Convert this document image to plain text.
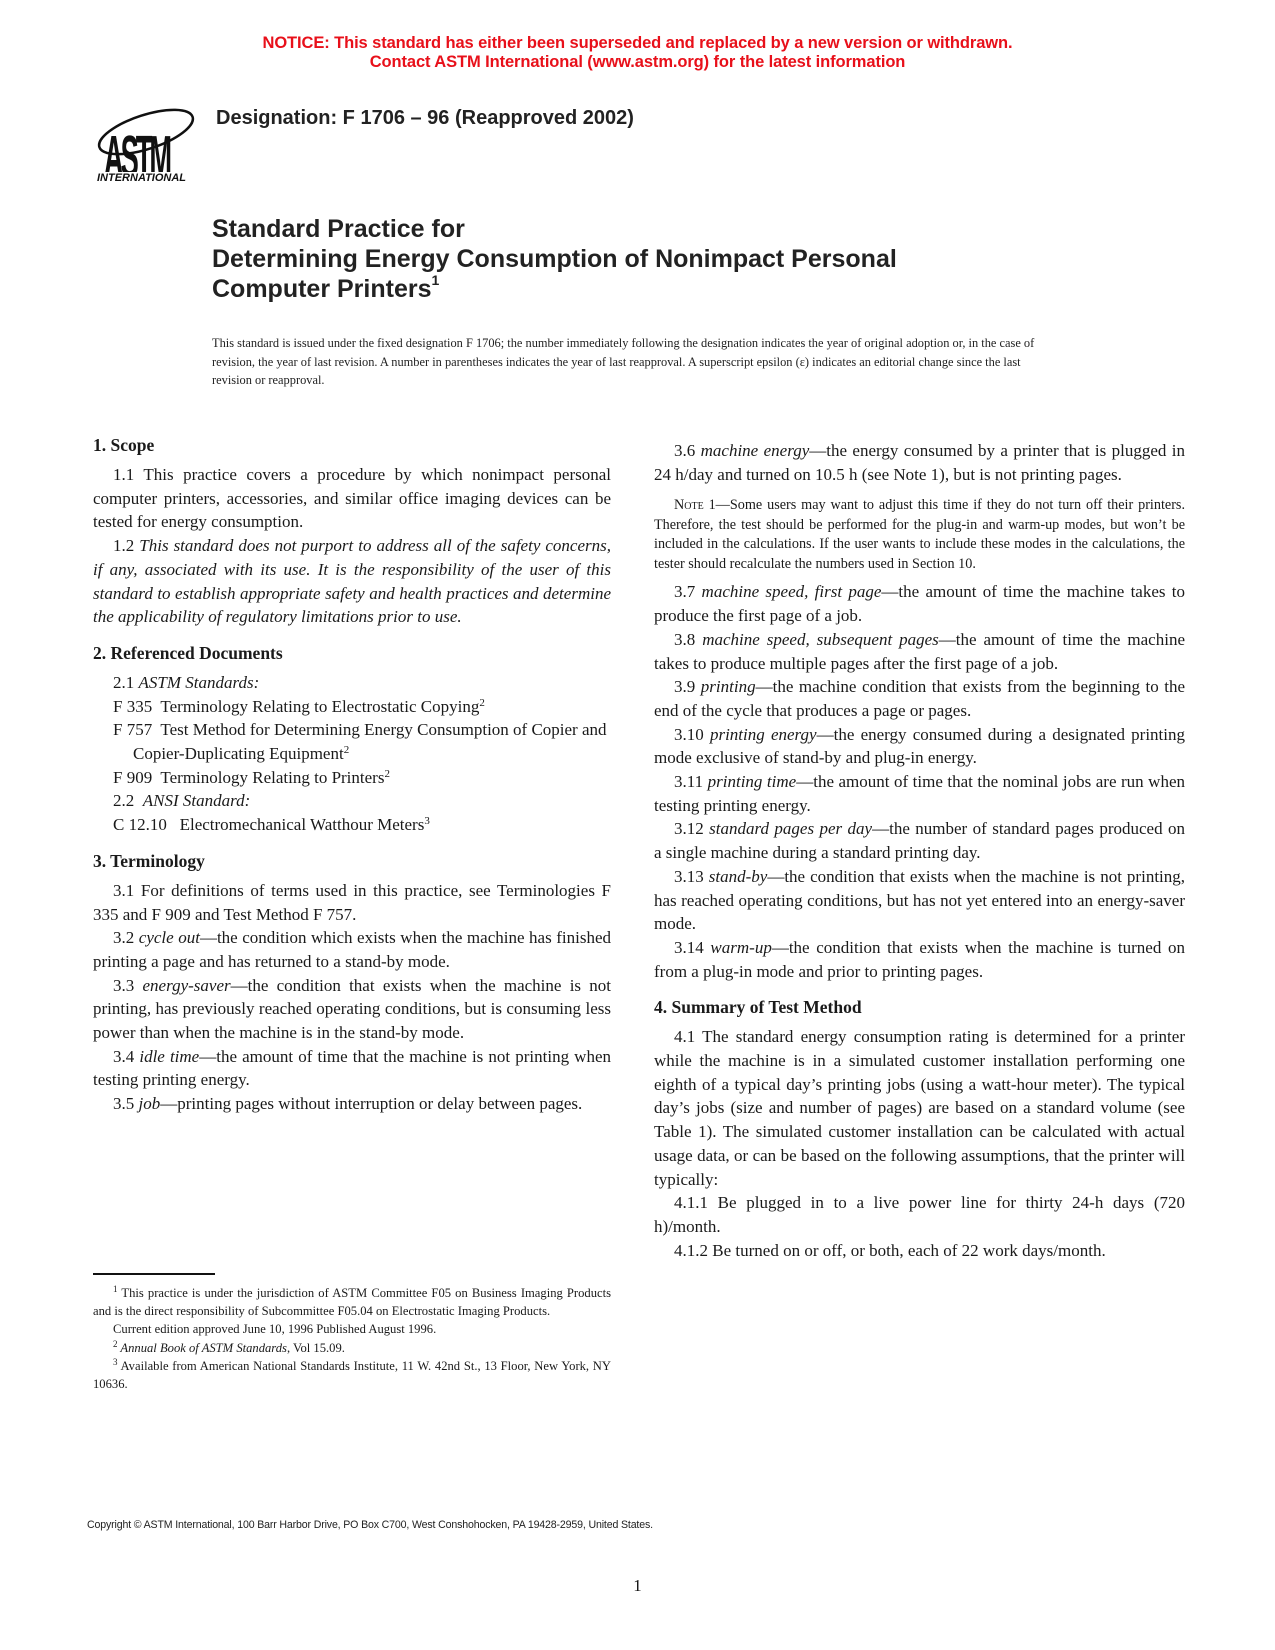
NOTICE: This standard has either been superseded and replaced by a new version or withdrawn.
Contact ASTM International (www.astm.org) for the latest information
ASTM
INTERNATIONAL
Designation: F 1706 – 96 (Reapproved 2002)
Standard Practice for
Determining Energy Consumption of Nonimpact Personal
Computer Printers$^1$
This standard is issued under the fixed designation F 1706; the number immediately following the designation indicates the year of original adoption or, in the case of revision, the year of last revision. A number in parentheses indicates the year of last reapproval. A superscript epsilon (ε) indicates an editorial change since the last revision or reapproval.
1. Scope

1.1 This practice covers a procedure by which nonimpact personal computer printers, accessories, and similar office imaging devices can be tested for energy consumption.

1.2 This standard does not purport to address all of the safety concerns, if any, associated with its use. It is the responsibility of the user of this standard to establish appropriate safety and health practices and determine the applicability of regulatory limitations prior to use.

2. Referenced Documents

2.1 ASTM Standards:

F 335 Terminology Relating to Electrostatic Copying$^2$

F 757 Test Method for Determining Energy Consumption of Copier and Copier-Duplicating Equipment$^2$

F 909 Terminology Relating to Printers$^2$

2.2  ANSI Standard:

C 12.10 Electromechanical Watthour Meters$^3$

3. Terminology

3.1 For definitions of terms used in this practice, see Terminologies F 335 and F 909 and Test Method F 757.

3.2 cycle out—the condition which exists when the machine has finished printing a page and has returned to a stand-by mode.

3.3 energy-saver—the condition that exists when the machine is not printing, has previously reached operating conditions, but is consuming less power than when the machine is in the stand-by mode.

3.4 idle time—the amount of time that the machine is not printing when testing printing energy.

3.5 job—printing pages without interruption or delay between pages.

$^1$ This practice is under the jurisdiction of ASTM Committee F05 on Business Imaging Products and is the direct responsibility of Subcommittee F05.04 on Electrostatic Imaging Products.

Current edition approved June 10, 1996 Published August 1996.

$^2$ Annual Book of ASTM Standards, Vol 15.09.

$^3$ Available from American National Standards Institute, 11 W. 42nd St., 13 Floor, New York, NY 10636.

3.6 machine energy—the energy consumed by a printer that is plugged in 24 h/day and turned on 10.5 h (see Note 1), but is not printing pages.

Note 1—Some users may want to adjust this time if they do not turn off their printers. Therefore, the test should be performed for the plug-in and warm-up modes, but won’t be included in the calculations. If the user wants to include these modes in the calculations, the tester should recalculate the numbers used in Section 10.

3.7 machine speed, first page—the amount of time the machine takes to produce the first page of a job.

3.8 machine speed, subsequent pages—the amount of time the machine takes to produce multiple pages after the first page of a job.

3.9 printing—the machine condition that exists from the beginning to the end of the cycle that produces a page or pages.

3.10 printing energy—the energy consumed during a designated printing mode exclusive of stand-by and plug-in energy.

3.11 printing time—the amount of time that the nominal jobs are run when testing printing energy.

3.12 standard pages per day—the number of standard pages produced on a single machine during a standard printing day.

3.13 stand-by—the condition that exists when the machine is not printing, has reached operating conditions, but has not yet entered into an energy-saver mode.

3.14 warm-up—the condition that exists when the machine is turned on from a plug-in mode and prior to printing pages.

4. Summary of Test Method

4.1 The standard energy consumption rating is determined for a printer while the machine is in a simulated customer installation performing one eighth of a typical day’s printing jobs (using a watt-hour meter). The typical day’s jobs (size and number of pages) are based on a standard volume (see Table 1). The simulated customer installation can be calculated with actual usage data, or can be based on the following assumptions, that the printer will typically:

4.1.1 Be plugged in to a live power line for thirty 24-h days (720 h)/month.

4.1.2 Be turned on or off, or both, each of 22 work days/month.

Copyright © ASTM International, 100 Barr Harbor Drive, PO Box C700, West Conshohocken, PA 19428-2959, United States.
1
